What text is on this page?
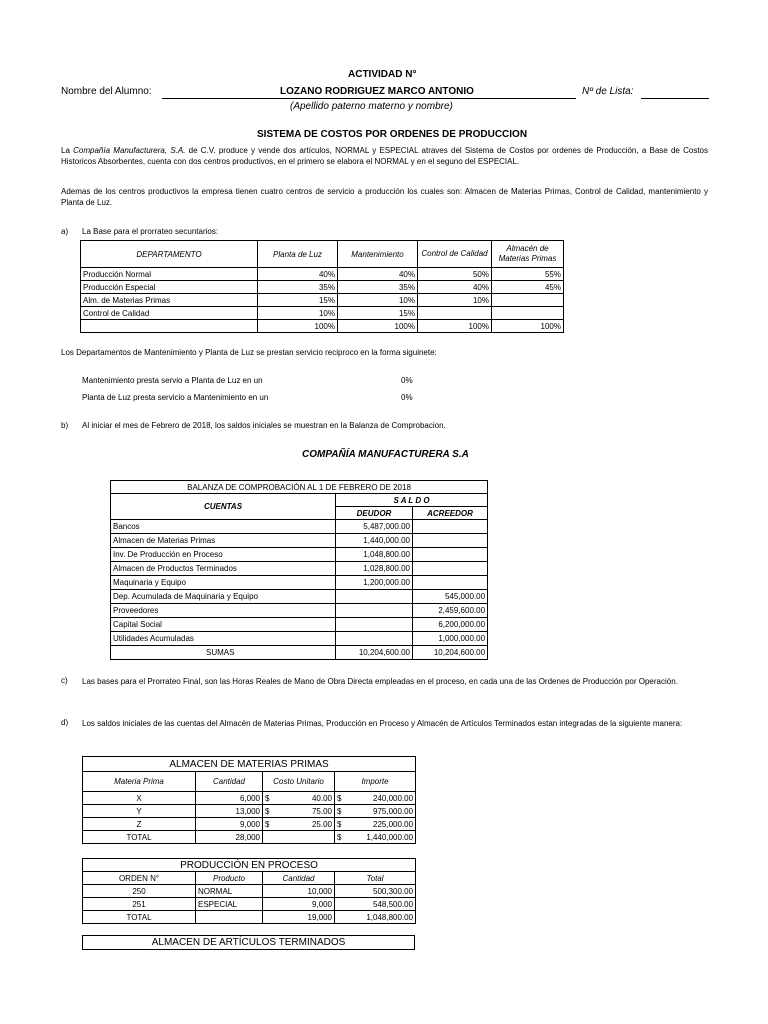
ACTIVIDAD N°
Nombre del Alumno:	LOZANO RODRIGUEZ MARCO ANTONIO	Nº de Lista:
(Apellido paterno materno y nombre)
SISTEMA DE COSTOS POR ORDENES DE PRODUCCION
La Compañía Manufacturera, S.A. de C.V. produce y vende dos artículos, NORMAL y ESPECIAL atraves del Sistema de Costos por ordenes de Producción, a Base de Costos Historicos Absorbentes, cuenta con dos centros productivos, en el primero se elabora el NORMAL y en el seguno del ESPECIAL.
Ademas de los centros productivos la empresa tienen cuatro centros de servicio a producción los cuales son: Almacen de Materias Primas, Control de Calidad, mantenimiento y Planta de Luz.
a) La Base para el prorrateo secuntarios:
DEPARTAMENTO	Planta de Luz	Mantenimiento	Control de Calidad	Almacén de Materias Primas
Producción Normal	40%	40%	50%	55%
Producción Especial	35%	35%	40%	45%
Alm. de Materias Primas	15%	10%	10%	
Control de Calidad	10%	15%		
	100%	100%	100%	100%
Los Departamentos de Mantenimiento y Planta de Luz se prestan servicio reciproco en la forma siguinete:
Mantenimiento presta servio a Planta de Luz en un	0%
Planta de Luz presta servicio a Mantenimiento en un	0%
b) Al iniciar el mes de Febrero de 2018, los saldos iniciales se muestran en la Balanza de Comprobacion.
COMPAÑÍA MANUFACTURERA S.A
BALANZA DE COMPROBACIÓN AL 1 DE FEBRERO DE 2018		
CUENTAS	S A L D O	
	DEUDOR	ACREEDOR
Bancos	5,487,000.00	
Almacen de Materias Primas	1,440,000.00	
Inv. De Producción en Proceso	1,048,800.00	
Almacen de Productos Terminados	1,028,800.00	
Maquinaria y Equipo	1,200,000.00	
Dep. Acumulada de Maquinaria y Equipo		545,000.00
Proveedores		2,459,600.00
Capital Social		6,200,000.00
Utilidades Acumuladas		1,000,000.00
SUMAS	10,204,600.00	10,204,600.00
c) Las bases para el Prorrateo Final, son las Horas Reales de Mano de Obra Directa empleadas en el proceso, en cada una de las Ordenes de Producción por Operación.
d) Los saldos iniciales de las cuentas del Almacén de Materias Primas, Producción en Proceso y Almacén de Artículos Terminados estan integradas de la siguiente manera:
ALMACEN DE MATERIAS PRIMAS			
Materia Prima	Cantidad	Costo Unitario	Importe
X	6,000	$ 40.00	$ 240,000.00
Y	13,000	$ 75.00	$ 975,000.00
Z	9,000	$ 25.00	$ 225,000.00
TOTAL	28,000		$ 1,440,000.00
PRODUCCIÓN EN PROCESO			
ORDEN N°	Producto	Cantidad	Total
250	NORMAL	10,000	500,300.00
251	ESPECIAL	9,000	548,500.00
TOTAL		19,000	1,048,800.00
ALMACEN DE ARTÍCULOS TERMINADOS
